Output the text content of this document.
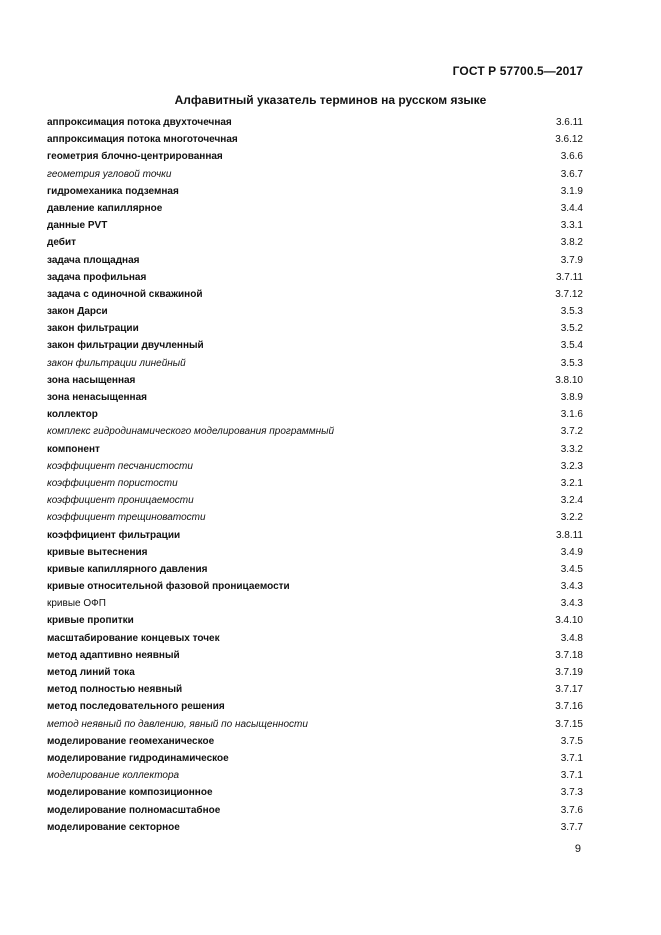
ГОСТ Р 57700.5—2017
Алфавитный указатель терминов на русском языке
аппроксимация потока двухточечная	3.6.11
аппроксимация потока многоточечная	3.6.12
геометрия блочно-центрированная	3.6.6
геометрия угловой точки	3.6.7
гидромеханика подземная	3.1.9
давление капиллярное	3.4.4
данные PVT	3.3.1
дебит	3.8.2
задача площадная	3.7.9
задача профильная	3.7.11
задача с одиночной скважиной	3.7.12
закон Дарси	3.5.3
закон фильтрации	3.5.2
закон фильтрации двучленный	3.5.4
закон фильтрации линейный	3.5.3
зона насыщенная	3.8.10
зона ненасыщенная	3.8.9
коллектор	3.1.6
комплекс гидродинамического моделирования программный	3.7.2
компонент	3.3.2
коэффициент песчанистости	3.2.3
коэффициент пористости	3.2.1
коэффициент проницаемости	3.2.4
коэффициент трещиноватости	3.2.2
коэффициент фильтрации	3.8.11
кривые вытеснения	3.4.9
кривые капиллярного давления	3.4.5
кривые относительной фазовой проницаемости	3.4.3
кривые ОФП	3.4.3
кривые пропитки	3.4.10
масштабирование концевых точек	3.4.8
метод адаптивно неявный	3.7.18
метод линий тока	3.7.19
метод полностью неявный	3.7.17
метод последовательного решения	3.7.16
метод неявный по давлению, явный по насыщенности	3.7.15
моделирование геомеханическое	3.7.5
моделирование гидродинамическое	3.7.1
моделирование коллектора	3.7.1
моделирование композиционное	3.7.3
моделирование полномасштабное	3.7.6
моделирование секторное	3.7.7
9
